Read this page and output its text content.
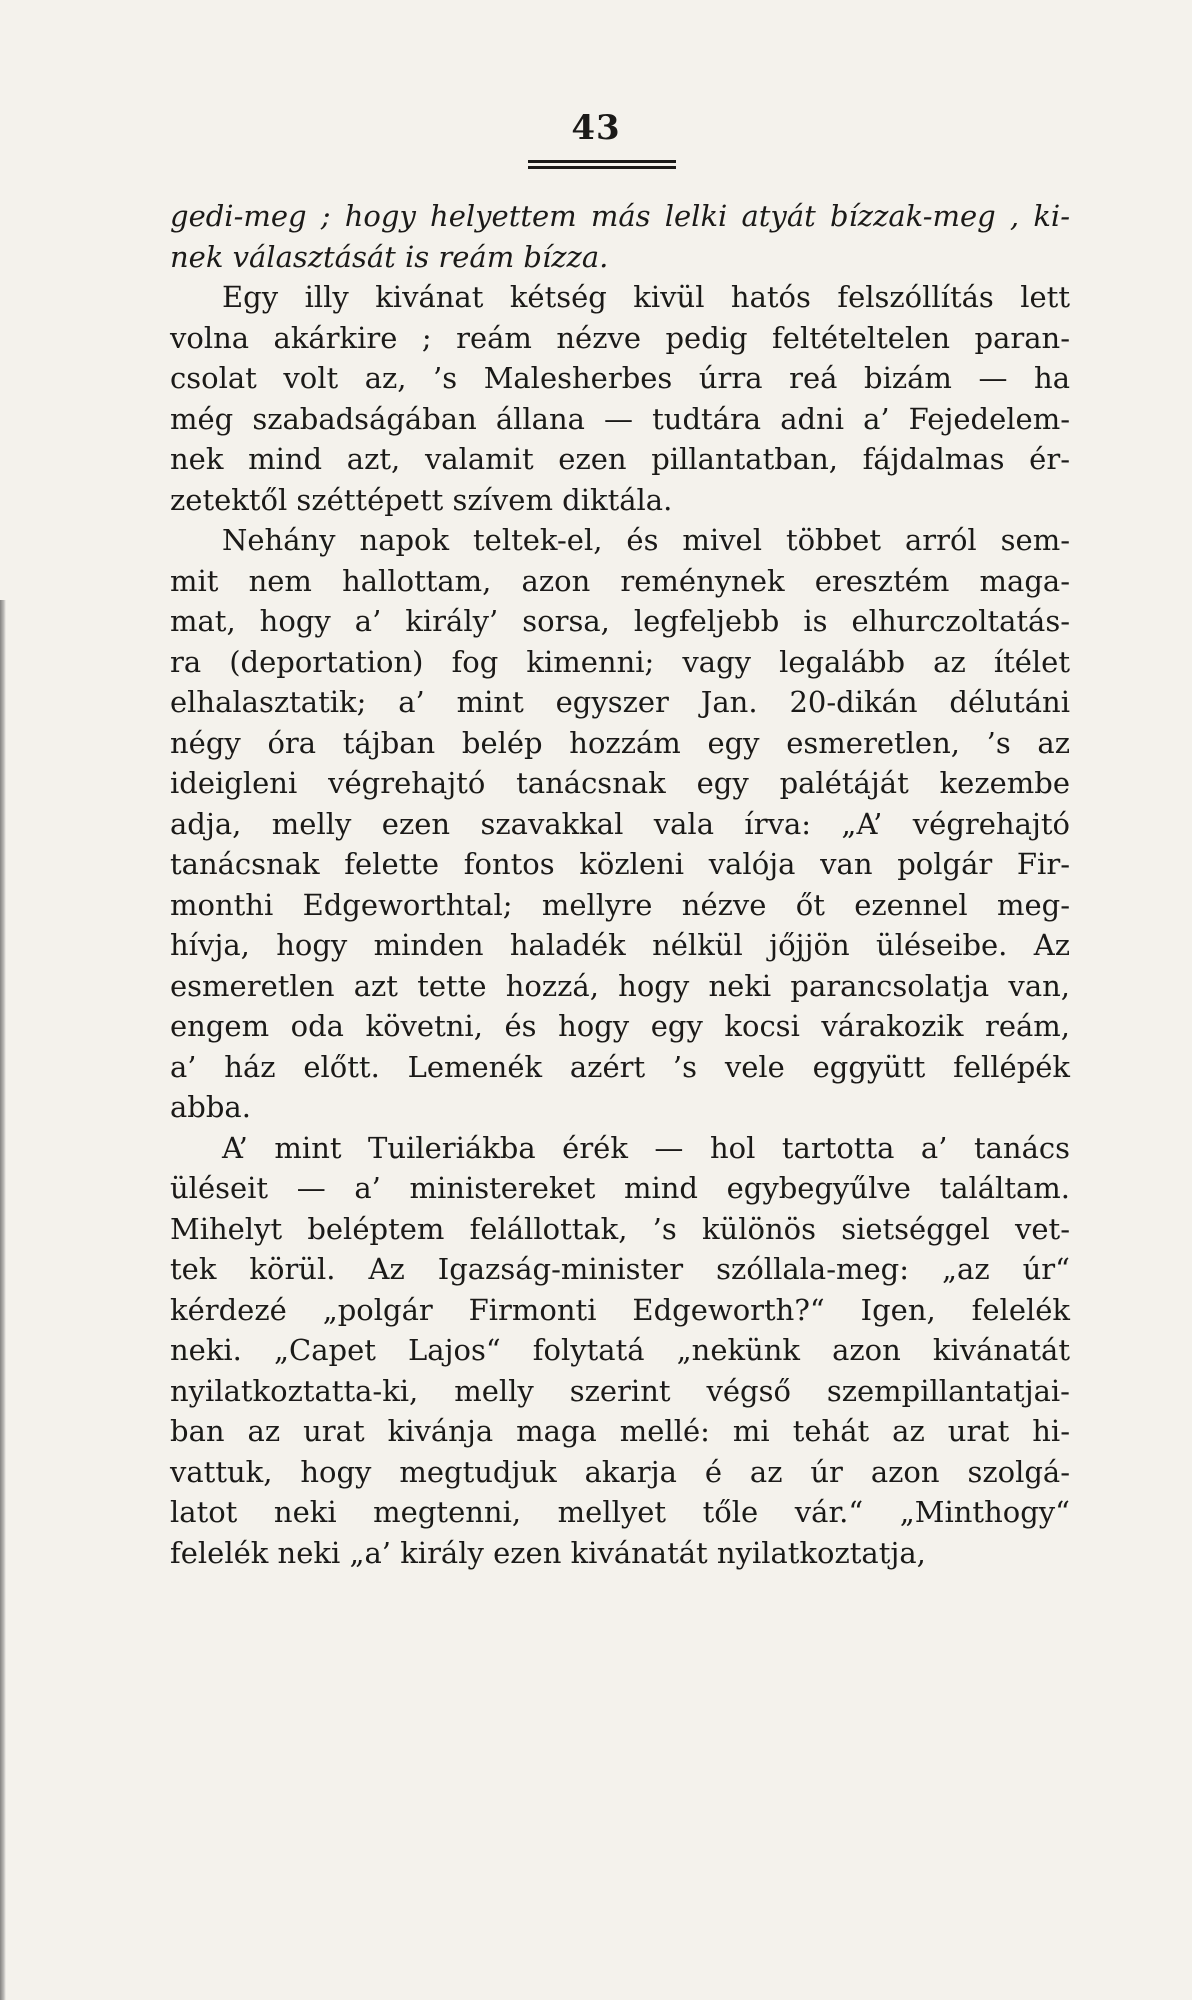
43
gedi-meg ; hogy helyettem más lelki atyát bízzak-meg , ki-
nek választását is reám bízza.
Egy illy kivánat kétség kivül hatós felszóllítás lett
volna akárkire ; reám nézve pedig feltételtelen paran-
csolat volt az, ’s Malesherbes úrra reá bizám — ha
még szabadságában állana — tudtára adni a’ Fejedelem-
nek mind azt, valamit ezen pillantatban, fájdalmas ér-
zetektől széttépett szívem diktála.
Nehány napok teltek-el, és mivel többet arról sem-
mit nem hallottam, azon reménynek eresztém maga-
mat, hogy a’ király’ sorsa, legfeljebb is elhurczoltatás-
ra (deportation) fog kimenni; vagy legalább az ítélet
elhalasztatik; a’ mint egyszer Jan. 20-dikán délutáni
négy óra tájban belép hozzám egy esmeretlen, ’s az
ideigleni végrehajtó tanácsnak egy palétáját kezembe
adja, melly ezen szavakkal vala írva: „A’ végrehajtó
tanácsnak felette fontos közleni valója van polgár Fir-
monthi Edgeworthtal; mellyre nézve őt ezennel meg-
hívja, hogy minden haladék nélkül jőjjön üléseibe. Az
esmeretlen azt tette hozzá, hogy neki parancsolatja van,
engem oda követni, és hogy egy kocsi várakozik reám,
a’ ház előtt. Lemenék azért ’s vele eggyütt fellépék
abba.
A’ mint Tuileriákba érék — hol tartotta a’ tanács
üléseit — a’ ministereket mind egybegyűlve találtam.
Mihelyt beléptem felállottak, ’s különös sietséggel vet-
tek körül. Az Igazság-minister szóllala-meg: „az úr“
kérdezé „polgár Firmonti Edgeworth?“ Igen, felelék
neki. „Capet Lajos“ folytatá „nekünk azon kivánatát
nyilatkoztatta-ki, melly szerint végső szempillantatjai-
ban az urat kivánja maga mellé: mi tehát az urat hi-
vattuk, hogy megtudjuk akarja é az úr azon szolgá-
latot neki megtenni, mellyet tőle vár.“ „Minthogy“
felelék neki „a’ király ezen kivánatát nyilatkoztatja,
